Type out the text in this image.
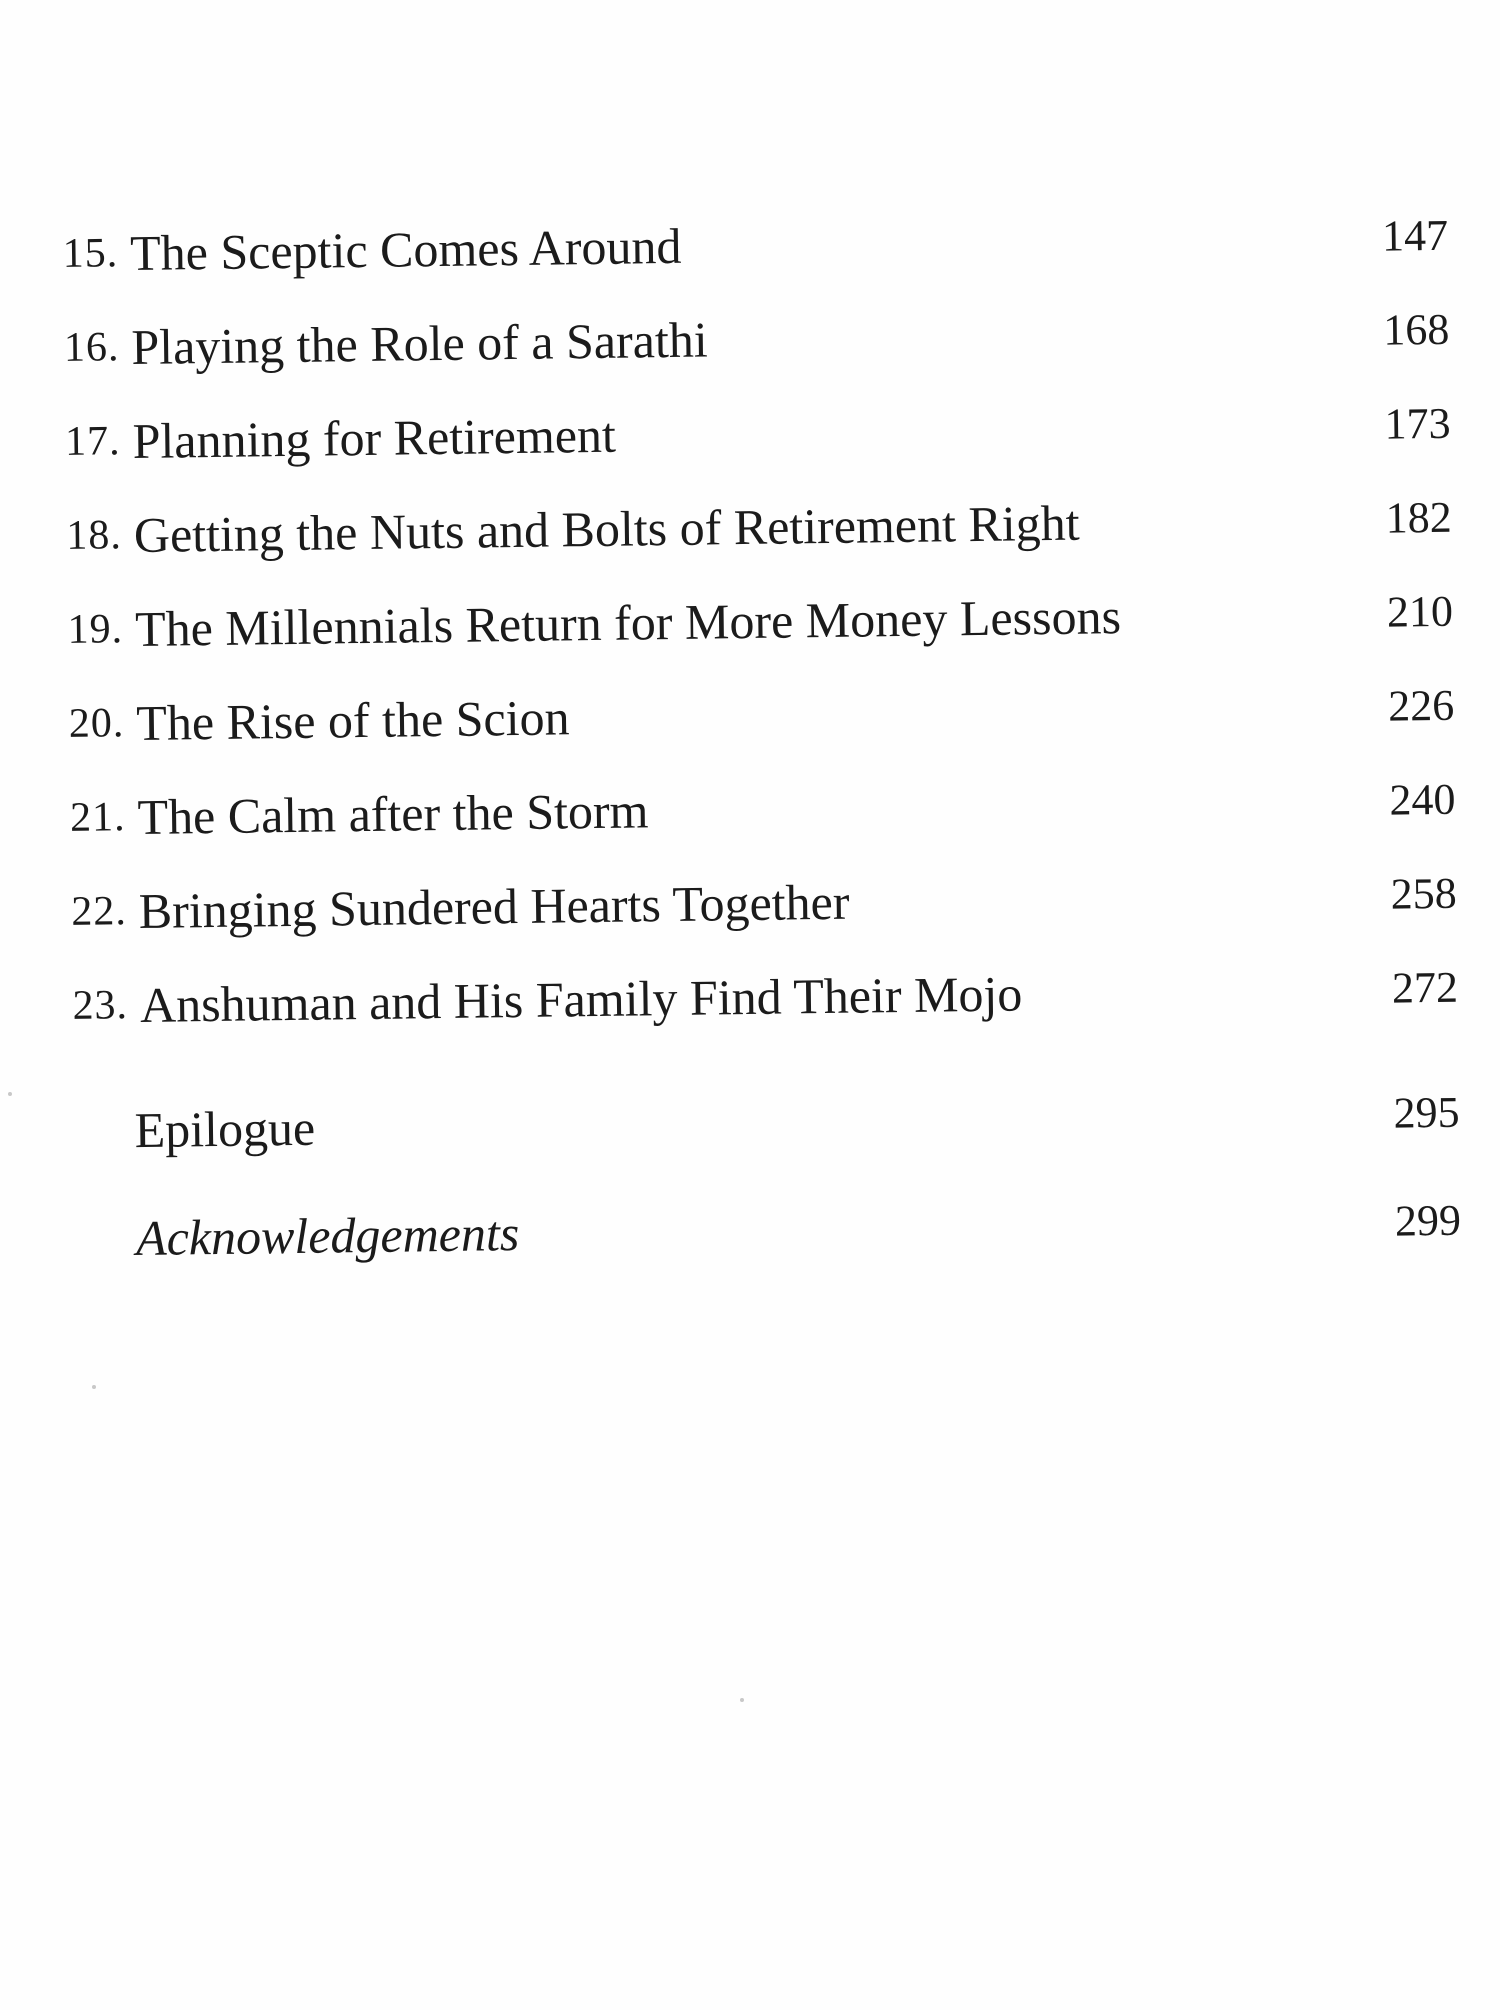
15. The Sceptic Comes Around	147
16. Playing the Role of a Sarathi	168
17. Planning for Retirement	173
18. Getting the Nuts and Bolts of Retirement Right	182
19. The Millennials Return for More Money Lessons	210
20. The Rise of the Scion	226
21. The Calm after the Storm	240
22. Bringing Sundered Hearts Together	258
23. Anshuman and His Family Find Their Mojo	272
Epilogue	295
Acknowledgements	299
